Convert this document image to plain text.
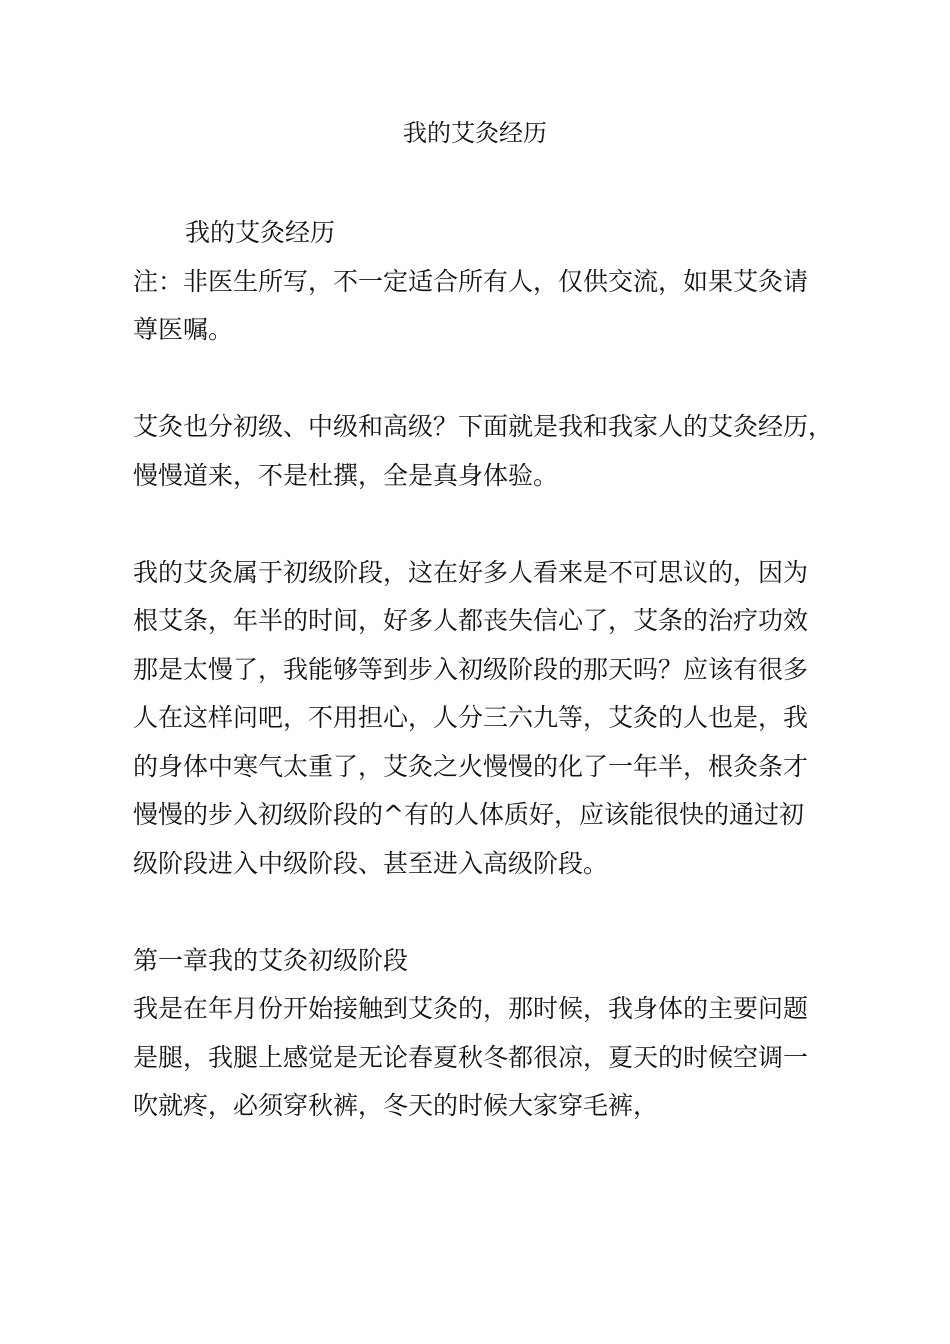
我的艾灸经历
我的艾灸经历
注：非医生所写，不一定适合所有人，仅供交流，如果艾灸请
尊医嘱。
艾灸也分初级、中级和高级？下面就是我和我家人的艾灸经历，
慢慢道来，不是杜撰，全是真身体验。
我的艾灸属于初级阶段，这在好多人看来是不可思议的，因为
根艾条，年半的时间，好多人都丧失信心了，艾条的治疗功效
那是太慢了，我能够等到步入初级阶段的那天吗？应该有很多
人在这样问吧，不用担心，人分三六九等，艾灸的人也是，我
的身体中寒气太重了，艾灸之火慢慢的化了一年半，根灸条才
慢慢的步入初级阶段的^有的人体质好，应该能很快的通过初
级阶段进入中级阶段、甚至进入高级阶段。
第一章我的艾灸初级阶段
我是在年月份开始接触到艾灸的，那时候，我身体的主要问题
是腿，我腿上感觉是无论春夏秋冬都很凉，夏天的时候空调一
吹就疼，必须穿秋裤，冬天的时候大家穿毛裤，
